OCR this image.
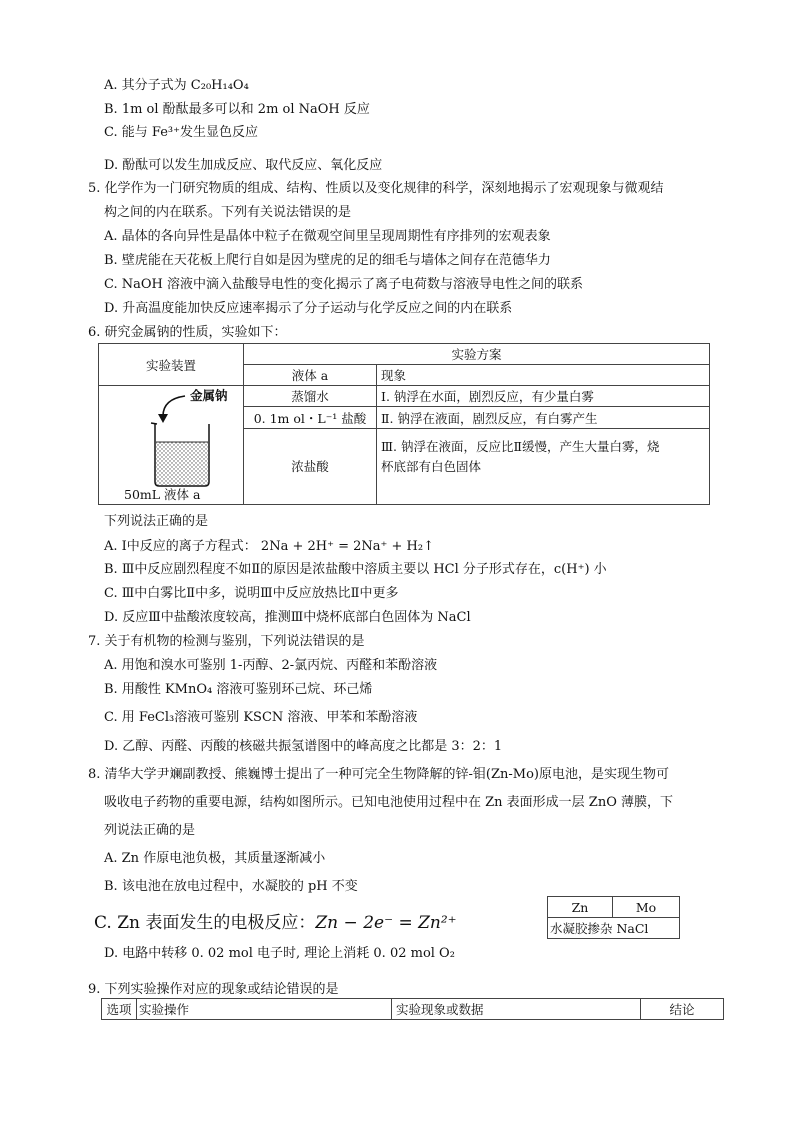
A. 其分子式为 C₂₀H₁₄O₄
B. 1m ol 酚酞最多可以和 2m ol NaOH 反应
C. 能与 Fe³⁺发生显色反应
D. 酚酞可以发生加成反应、取代反应、氧化反应
5. 化学作为一门研究物质的组成、结构、性质以及变化规律的科学，深刻地揭示了宏观现象与微观结
构之间的内在联系。下列有关说法错误的是
A. 晶体的各向异性是晶体中粒子在微观空间里呈现周期性有序排列的宏观表象
B. 壁虎能在天花板上爬行自如是因为壁虎的足的细毛与墙体之间存在范德华力
C. NaOH 溶液中滴入盐酸导电性的变化揭示了离子电荷数与溶液导电性之间的联系
D. 升高温度能加快反应速率揭示了分子运动与化学反应之间的内在联系
6. 研究金属钠的性质，实验如下：
实验装置	实验方案	
	液体 a	现象

金属钠
50mL 液体 a	蒸馏水	Ⅰ. 钠浮在水面，剧烈反应，有少量白雾
	0. 1m ol・L⁻¹ 盐酸	Ⅱ. 钠浮在液面，剧烈反应，有白雾产生
	浓盐酸	Ⅲ. 钠浮在液面，反应比Ⅱ缓慢，产生大量白雾，烧
杯底部有白色固体
下列说法正确的是
A. Ⅰ中反应的离子方程式： 2Na + 2H⁺ = 2Na⁺ + H₂↑
B. Ⅲ中反应剧烈程度不如Ⅱ的原因是浓盐酸中溶质主要以 HCl 分子形式存在，c(H⁺) 小
C. Ⅲ中白雾比Ⅱ中多，说明Ⅲ中反应放热比Ⅱ中更多
D. 反应Ⅲ中盐酸浓度较高，推测Ⅲ中烧杯底部白色固体为 NaCl
7. 关于有机物的检测与鉴别，下列说法错误的是
A. 用饱和溴水可鉴别 1-丙醇、2-氯丙烷、丙醛和苯酚溶液
B. 用酸性 KMnO₄ 溶液可鉴别环己烷、环己烯
C. 用 FeCl₃溶液可鉴别 KSCN 溶液、甲苯和苯酚溶液
D. 乙醇、丙醛、丙酸的核磁共振氢谱图中的峰高度之比都是 3：2：1
8. 清华大学尹斓副教授、熊巍博士提出了一种可完全生物降解的锌-钼(Zn-Mo)原电池，是实现生物可
吸收电子药物的重要电源，结构如图所示。已知电池使用过程中在 Zn 表面形成一层 ZnO 薄膜，下
列说法正确的是
A. Zn 作原电池负极，其质量逐渐减小
B. 该电池在放电过程中，水凝胶的 pH 不变
C. Zn 表面发生的电极反应：Zn − 2e⁻ = Zn²⁺
D. 电路中转移 0. 02 mol 电子时, 理论上消耗 0. 02 mol O₂
Zn	Mo
水凝胶掺杂 NaCl
9. 下列实验操作对应的现象或结论错误的是
选项	实验操作	实验现象或数据	结论
